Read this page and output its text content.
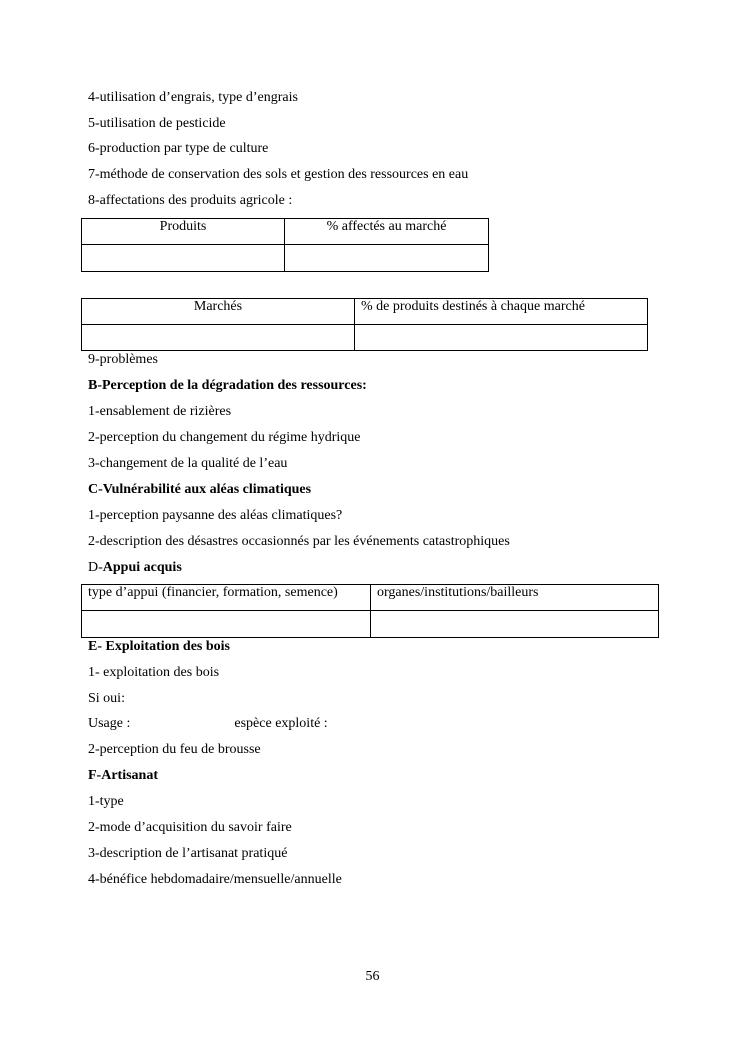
4-utilisation d’engrais, type d’engrais
5-utilisation de pesticide
6-production par type de culture
7-méthode de conservation des sols et gestion des ressources en eau
8-affectations des produits agricole :
Produits	% affectés au marché

Marchés	% de produits destinés à chaque marché

9-problèmes
B-Perception de la dégradation des ressources:
1-ensablement de rizières
2-perception du changement du régime hydrique
3-changement de la qualité de l’eau
C-Vulnérabilité aux aléas climatiques
1-perception paysanne des aléas climatiques?
2-description des désastres occasionnés par les événements catastrophiques
D-Appui acquis
type d’appui (financier, formation, semence)	organes/institutions/bailleurs

E- Exploitation des bois
1- exploitation des bois
Si oui:
Usage :	espèce exploité :
2-perception du feu de brousse
F-Artisanat
1-type
2-mode d’acquisition du savoir faire
3-description de l’artisanat pratiqué
4-bénéfice hebdomadaire/mensuelle/annuelle
56
